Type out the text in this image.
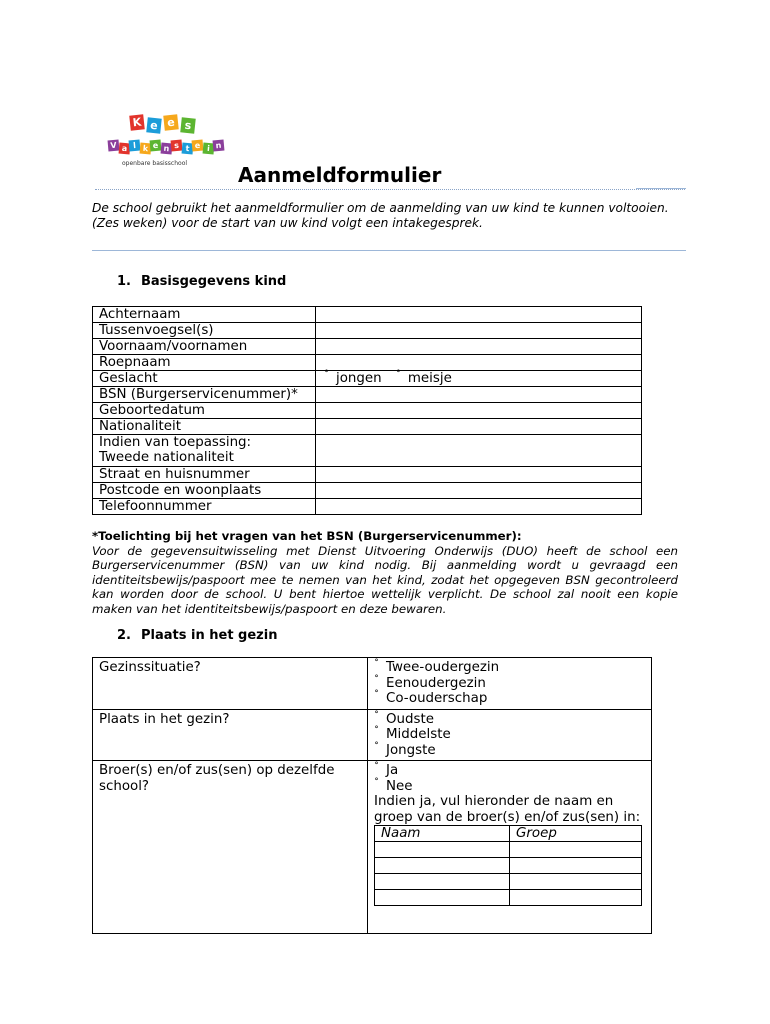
K e e s
V a l k e n s t e i n
openbare basisschool	Aanmeldformulier

De school gebruikt het aanmeldformulier om de aanmelding van uw kind te kunnen voltooien.

(Zes weken) voor de start van uw kind volgt een intakegesprek.

1. Basisgegevens kind
Achternaam	
Tussenvoegsel(s)	
Voornaam/voornamen	
Roepnaam	
Geslacht	˚ jongen ˚ meisje
BSN (Burgerservicenummer)*	
Geboortedatum	
Nationaliteit	

Indien van toepassing:
Tweede nationaliteit	

Straat en huisnummer	
Postcode en woonplaats	
Telefoonnummer	

*Toelichting bij het vragen van het BSN (Burgerservicenummer):

Voor de gegevensuitwisseling met Dienst Uitvoering Onderwijs (DUO) heeft de school een Burgerservicenummer (BSN) van uw kind nodig. Bij aanmelding wordt u gevraagd een identiteitsbewijs/paspoort mee te nemen van het kind, zodat het opgegeven BSN gecontroleerd kan worden door de school. U bent hiertoe wettelijk verplicht. De school zal nooit een kopie maken van het identiteitsbewijs/paspoort en deze bewaren.

2. Plaats in het gezin
Gezinssituatie?	˚ Twee-oudergezin
˚ Eenoudergezin
˚ Co-ouderschap

Plaats in het gezin?	˚ Oudste
˚ Middelste
˚ Jongste

Broer(s) en/of zus(sen) op dezelfde school?	
˚ Ja
˚ Nee
Indien ja, vul hieronder de naam en groep van de broer(s) en/of zus(sen) in:
Naam	Groep
